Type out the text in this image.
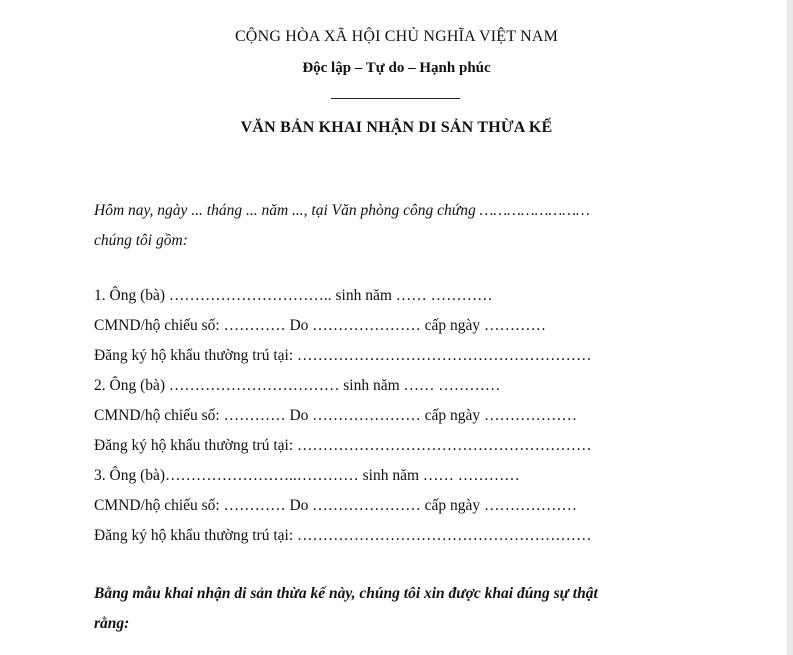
CỘNG HÒA XÃ HỘI CHỦ NGHĨA VIỆT NAM
Độc lập – Tự do – Hạnh phúc
VĂN BẢN KHAI NHẬN DI SẢN THỪA KẾ
Hôm nay, ngày ... tháng ... năm ..., tại Văn phòng công chứng ……………………
chúng tôi gồm:
1. Ông (bà) ………………………….. sinh năm …… …………
CMND/hộ chiếu số: ………… Do ………………… cấp ngày …………
Đăng ký hộ khẩu thường trú tại: …………………………………………………
2. Ông (bà) …………………………… sinh năm …… …………
CMND/hộ chiếu số: ………… Do ………………… cấp ngày ………………
Đăng ký hộ khẩu thường trú tại: …………………………………………………
3. Ông (bà)……………………..………… sinh năm …… …………
CMND/hộ chiếu số: ………… Do ………………… cấp ngày ………………
Đăng ký hộ khẩu thường trú tại: …………………………………………………
Bằng mẫu khai nhận di sản thừa kế này, chúng tôi xin được khai đúng sự thật
rằng:
